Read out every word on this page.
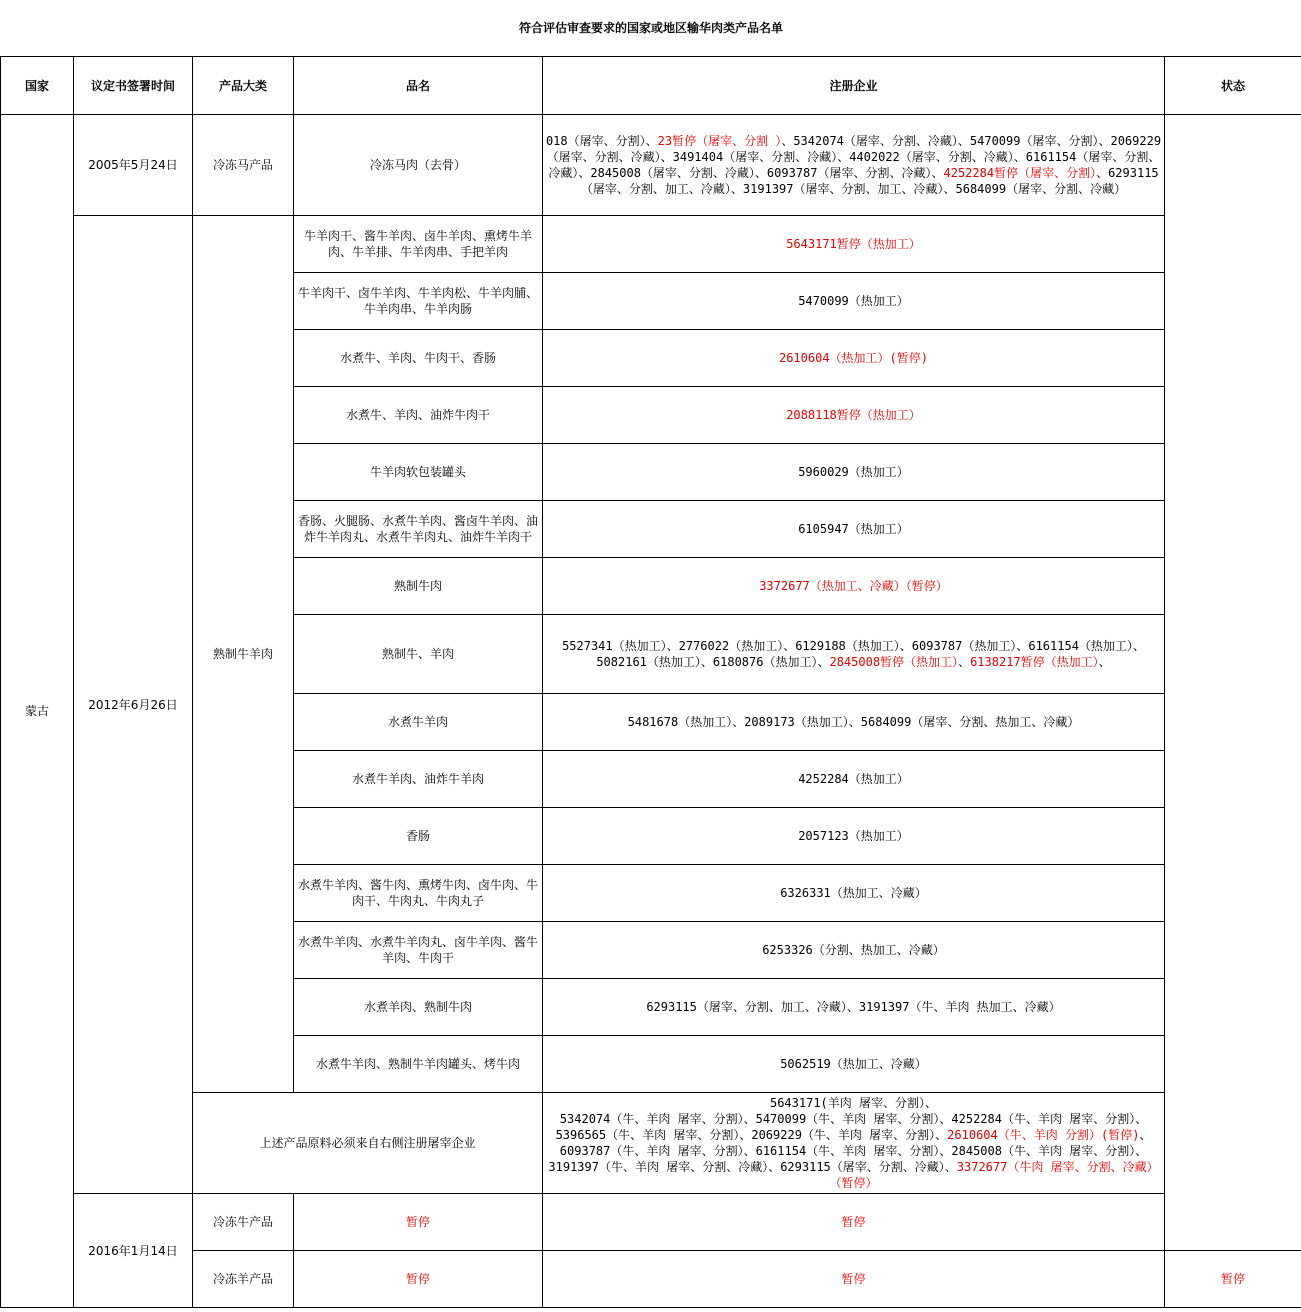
符合评估审查要求的国家或地区输华肉类产品名单						
国家	议定书签署时间	产品大类	品名	注册企业	状态	
蒙古	2005年5月24日	冷冻马产品	冷冻马肉（去骨）	018（屠宰、分割）、23暂停（屠宰、分割 ）、5342074（屠宰、分割、冷藏）、5470099（屠宰、分割）、2069229（屠宰、分割、冷藏）、3491404（屠宰、分割、冷藏）、4402022（屠宰、分割、冷藏）、6161154（屠宰、分割、冷藏）、2845008（屠宰、分割、冷藏）、6093787（屠宰、分割、冷藏）、4252284暂停（屠宰、分割）、6293115（屠宰、分割、加工、冷藏）、3191397（屠宰、分割、加工、冷藏）、5684099（屠宰、分割、冷藏）		
	2012年6月26日	熟制牛羊肉	牛羊肉干、酱牛羊肉、卤牛羊肉、熏烤牛羊肉、牛羊排、牛羊肉串、手把羊肉	5643171暂停（热加工）		
			牛羊肉干、卤牛羊肉、牛羊肉松、牛羊肉脯、牛羊肉串、牛羊肉肠	5470099（热加工）		
			水煮牛、羊肉、牛肉干、香肠	2610604（热加工）(暂停)		
			水煮牛、羊肉、油炸牛肉干	2088118暂停（热加工）		
			牛羊肉软包装罐头	5960029（热加工）		
			香肠、火腿肠、水煮牛羊肉、酱卤牛羊肉、油炸牛羊肉丸、水煮牛羊肉丸、油炸牛羊肉干	6105947（热加工）		
			熟制牛肉	3372677（热加工、冷藏）（暂停）		
			熟制牛、羊肉	5527341（热加工）、2776022（热加工）、6129188（热加工）、6093787（热加工）、6161154（热加工）、5082161（热加工）、6180876（热加工）、2845008暂停（热加工）、6138217暂停（热加工）、		
			水煮牛羊肉	5481678（热加工）、2089173（热加工）、5684099（屠宰、分割、热加工、冷藏）		
			水煮牛羊肉、油炸牛羊肉	4252284（热加工）		
			香肠	2057123（热加工）		
			水煮牛羊肉、酱牛肉、熏烤牛肉、卤牛肉、牛肉干、牛肉丸、牛肉丸子	6326331（热加工、冷藏）		
			水煮牛羊肉、水煮牛羊肉丸、卤牛羊肉、酱牛羊肉、牛肉干	6253326（分割、热加工、冷藏）		
			水煮羊肉、熟制牛肉	6293115（屠宰、分割、加工、冷藏）、3191397（牛、羊肉 热加工、冷藏）		
			水煮牛羊肉、熟制牛羊肉罐头、烤牛肉	5062519（热加工、冷藏）		
		上述产品原料必须来自右侧注册屠宰企业		5643171(羊肉 屠宰、分割）、
5342074（牛、羊肉 屠宰、分割）、5470099（牛、羊肉 屠宰、分割）、4252284（牛、羊肉 屠宰、分割）、5396565（牛、羊肉 屠宰、分割）、2069229（牛、羊肉 屠宰、分割）、2610604（牛、羊肉 分割）(暂停)、6093787（牛、羊肉 屠宰、分割）、6161154（牛、羊肉 屠宰、分割）、2845008（牛、羊肉 屠宰、分割）、3191397（牛、羊肉 屠宰、分割、冷藏）、6293115（屠宰、分割、冷藏）、3372677（牛肉 屠宰、分割、冷藏）（暂停）		
	2016年1月14日	冷冻牛产品	暂停	暂停	
		冷冻羊产品	暂停	暂停	暂停	
